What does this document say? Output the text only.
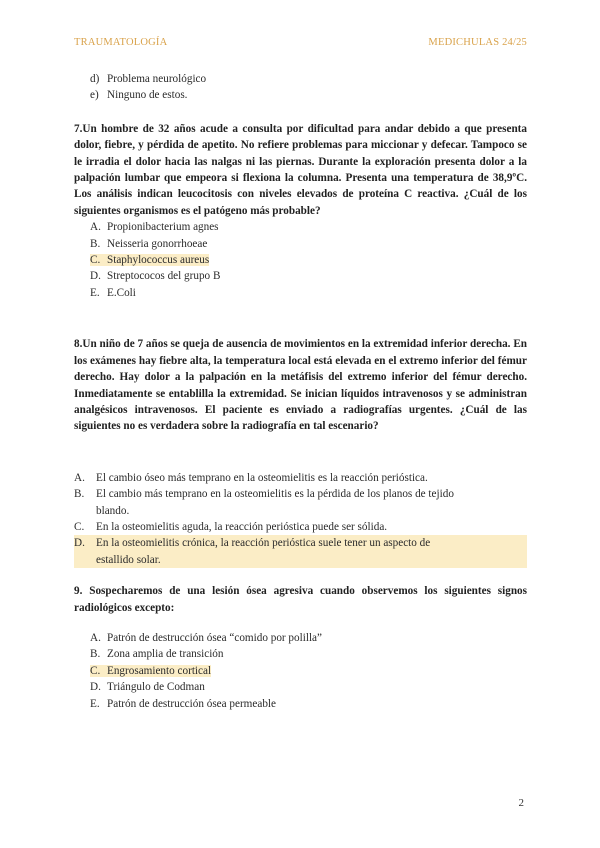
TRAUMATOLOGÍA	MEDICHULAS 24/25
d) Problema neurológico
e) Ninguno de estos.
7.Un hombre de 32 años acude a consulta por dificultad para andar debido a que presenta dolor, fiebre, y pérdida de apetito. No refiere problemas para miccionar y defecar. Tampoco se le irradia el dolor hacia las nalgas ni las piernas. Durante la exploración presenta dolor a la palpación lumbar que empeora si flexiona la columna. Presenta una temperatura de 38,9ºC. Los análisis indican leucocitosis con niveles elevados de proteína C reactiva. ¿Cuál de los siguientes organismos es el patógeno más probable?
A. Propionibacterium agnes
B. Neisseria gonorrhoeae
C. Staphylococcus aureus
D. Streptococos del grupo B
E. E.Coli
8.Un niño de 7 años se queja de ausencia de movimientos en la extremidad inferior derecha. En los exámenes hay fiebre alta, la temperatura local está elevada en el extremo inferior del fémur derecho. Hay dolor a la palpación en la metáfisis del extremo inferior del fémur derecho. Inmediatamente se entablilla la extremidad. Se inician líquidos intravenosos y se administran analgésicos intravenosos. El paciente es enviado a radiografías urgentes. ¿Cuál de las siguientes no es verdadera sobre la radiografía en tal escenario?
A. El cambio óseo más temprano en la osteomielitis es la reacción perióstica.
B. El cambio más temprano en la osteomielitis es la pérdida de los planos de tejido
blando.
C. En la osteomielitis aguda, la reacción perióstica puede ser sólida.
D. En la osteomielitis crónica, la reacción perióstica suele tener un aspecto de
estallido solar.
9. Sospecharemos de una lesión ósea agresiva cuando observemos los siguientes signos radiológicos excepto:
A. Patrón de destrucción ósea “comido por polilla”
B. Zona amplia de transición
C. Engrosamiento cortical
D. Triángulo de Codman
E. Patrón de destrucción ósea permeable
2
